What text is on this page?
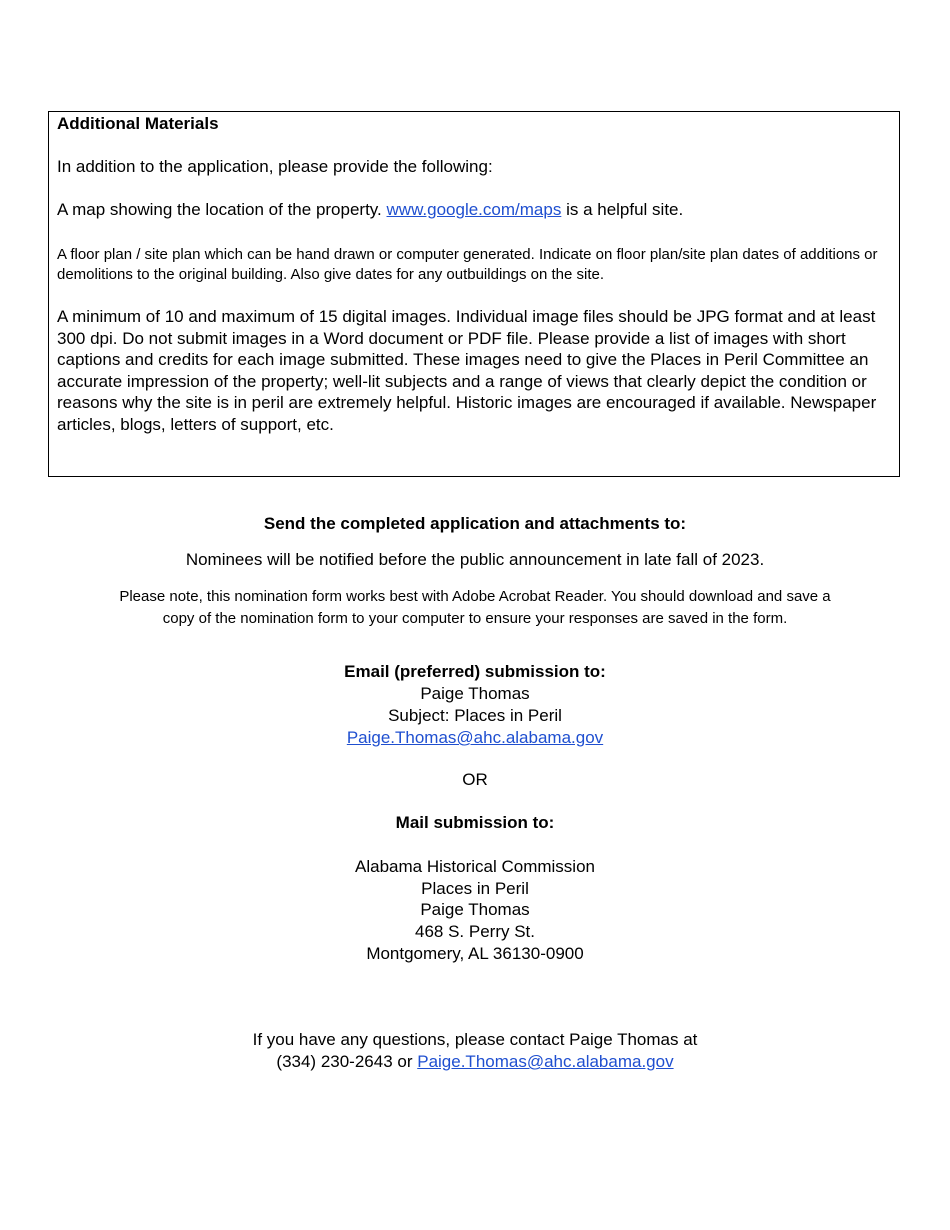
Additional Materials
In addition to the application, please provide the following:
A map showing the location of the property. www.google.com/maps is a helpful site.
A floor plan / site plan which can be hand drawn or computer generated. Indicate on floor plan/site plan dates of additions or demolitions to the original building. Also give dates for any outbuildings on the site.
A minimum of 10 and maximum of 15 digital images. Individual image files should be JPG format and at least 300 dpi. Do not submit images in a Word document or PDF file. Please provide a list of images with short captions and credits for each image submitted. These images need to give the Places in Peril Committee an accurate impression of the property; well-lit subjects and a range of views that clearly depict the condition or reasons why the site is in peril are extremely helpful. Historic images are encouraged if available. Newspaper articles, blogs, letters of support, etc.
Send the completed application and attachments to:
Nominees will be notified before the public announcement in late fall of 2023.
Please note, this nomination form works best with Adobe Acrobat Reader. You should download and save a copy of the nomination form to your computer to ensure your responses are saved in the form.
Email (preferred) submission to:
Paige Thomas
Subject: Places in Peril
Paige.Thomas@ahc.alabama.gov
OR
Mail submission to:
Alabama Historical Commission
Places in Peril
Paige Thomas
468 S. Perry St.
Montgomery, AL 36130-0900
If you have any questions, please contact Paige Thomas at
(334) 230-2643 or Paige.Thomas@ahc.alabama.gov
